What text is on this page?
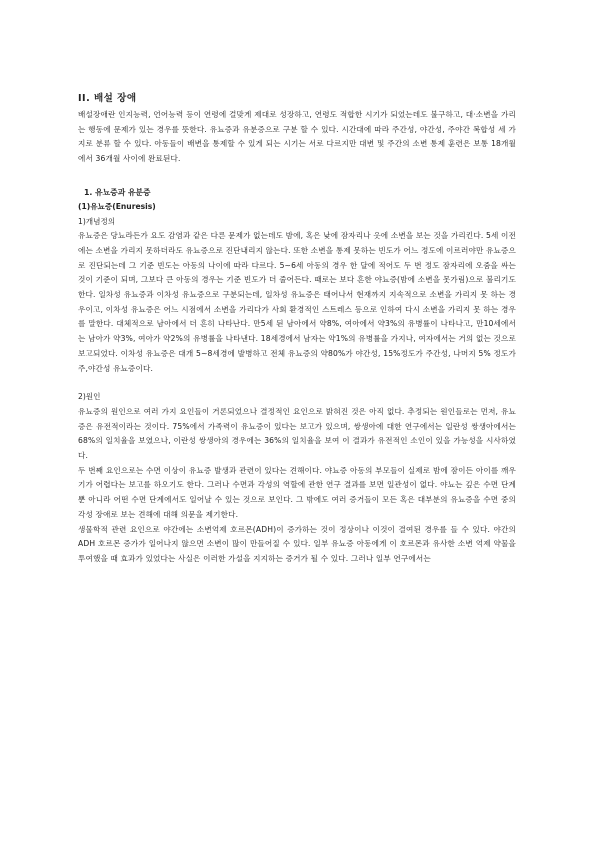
II. 배설 장애

배설장애란 인지능력, 언어능력 등이 연령에 걸맞게 제대로 성장하고, 연령도 적합한 시기가 되었는데도 불구하고, 대·소변을 가리는 행동에 문제가 있는 경우를 뜻한다. 유뇨증과 유분증으로 구분 할 수 있다. 시간대에 따라 주간성, 야간성, 주야간 복합성 세 가지로 분류 할 수 있다. 아동들이 배변을 통제할 수 있게 되는 시기는 서로 다르지만 대변 및 주간의 소변 통제 훈련은 보통 18개월에서 36개월 사이에 완료된다.

1. 유뇨증과 유분증
(1)유뇨증(Enuresis)
1)개념정의

유뇨증은 당뇨라든가 요도 감염과 같은 다른 문제가 없는데도 밤에, 혹은 낮에 잠자리나 옷에 소변을 보는 것을 가리킨다. 5세 이전에는 소변을 가리지 못하더라도 유뇨증으로 진단내리지 않는다. 또한 소변을 통제 못하는 빈도가 어느 정도에 이르러야만 유뇨증으로 진단되는데 그 기준 빈도는 아동의 나이에 따라 다르다. 5~6세 아동의 경우 한 달에 적어도 두 번 정도 잠자리에 오줌을 싸는 것이 기준이 되며, 그보다 큰 아동의 경우는 기준 빈도가 더 줄어든다. 때로는 보다 흔한 야뇨증(밤에 소변을 못가림)으로 불리기도 한다. 일차성 유뇨증과 이차성 유뇨증으로 구분되는데, 일차성 유뇨증은 태어나서 현재까지 지속적으로 소변을 가리지 못 하는 경우이고, 이차성 유뇨증은 어느 시점에서 소변을 가리다가 사회 환경적인 스트레스 등으로 인하여 다시 소변을 가리지 못 하는 경우를 말한다. 대체적으로 남아에서 더 흔히 나타난다. 만5세 된 남아에서 약8%, 여아에서 약3%의 유병률이 나타나고, 만10세에서는 남아가 약3%, 여아가 약2%의 유병률을 나타낸다. 18세경에서 남자는 약1%의 유병률을 가지나, 여자에서는 거의 없는 것으로 보고되었다. 이차성 유뇨증은 대개 5~8세경에 발병하고 전체 유뇨증의 약80%가 야간성, 15%정도가 주간성, 나머지 5% 정도가 주,야간성 유뇨증이다.

2)원인

유뇨증의 원인으로 여러 가지 요인들이 거론되었으나 결정적인 요인으로 밝혀진 것은 아직 없다. 추정되는 원인들로는 먼저, 유뇨증은 유전적이라는 것이다. 75%에서 가족력이 유뇨증이 있다는 보고가 있으며, 쌍생아에 대한 연구에서는 일란성 쌍생아에서는 68%의 일치율을 보였으나, 이란성 쌍생아의 경우에는 36%의 일치율을 보여 이 결과가 유전적인 소인이 있을 가능성을 시사하였다.

두 번째 요인으로는 수면 이상이 유뇨증 발생과 관련이 있다는 견해이다. 야뇨증 아동의 부모들이 실제로 밤에 잠이든 아이를 깨우기가 어렵다는 보고를 하오기도 한다. 그러나 수면과 각성의 역할에 관한 연구 결과를 보면 일관성이 없다. 야뇨는 깊은 수면 단계뿐 아니라 어떤 수면 단계에서도 일어날 수 있는 것으로 보인다. 그 밖에도 여러 증거들이 모든 혹은 대부분의 유뇨증을 수면 중의 각성 장애로 보는 견해에 대해 의문을 제기한다.

생물학적 관련 요인으로 야간에는 소변억제 호르몬(ADH)이 증가하는 것이 정상이나 이것이 결여된 경우를 들 수 있다. 야간의 ADH 호르몬 증가가 일어나지 않으면 소변이 많이 만들어질 수 있다. 일부 유뇨증 아동에게 이 호르몬과 유사한 소변 억제 약물을 투여했을 때 효과가 있었다는 사실은 이러한 가설을 지지하는 증거가 될 수 있다. 그러나 일부 연구에서는
